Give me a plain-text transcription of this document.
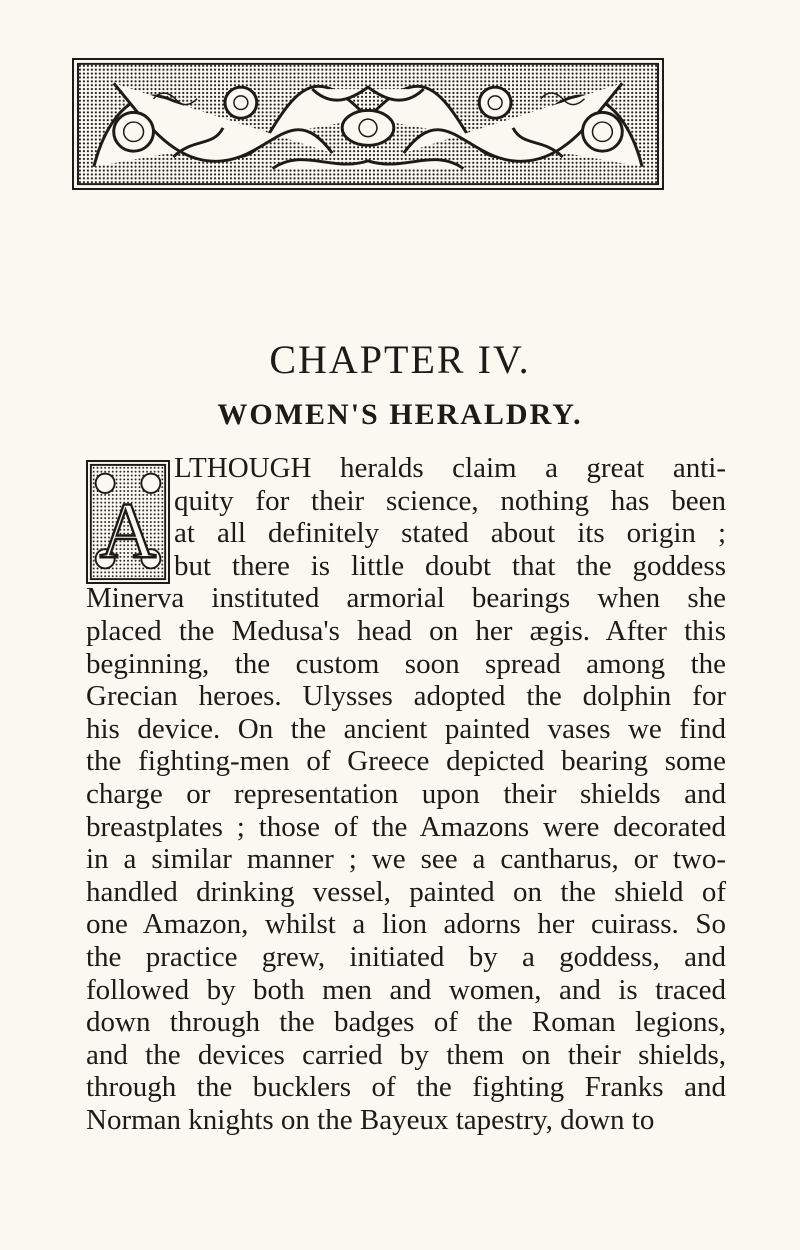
CHAPTER IV.
WOMEN'S HERALDRY.
A

LTHOUGH heralds claim a great anti-
quity for their science, nothing has been
at all definitely stated about its origin ;
but there is little doubt that the goddess
Minerva instituted armorial bearings when she
placed the Medusa's head on her ægis. After this
beginning, the custom soon spread among the
Grecian heroes. Ulysses adopted the dolphin for
his device. On the ancient painted vases we find
the fighting-men of Greece depicted bearing some
charge or representation upon their shields and
breastplates ; those of the Amazons were decorated
in a similar manner ; we see a cantharus, or two-
handled drinking vessel, painted on the shield of
one Amazon, whilst a lion adorns her cuirass. So
the practice grew, initiated by a goddess, and
followed by both men and women, and is traced
down through the badges of the Roman legions,
and the devices carried by them on their shields,
through the bucklers of the fighting Franks and
Norman knights on the Bayeux tapestry, down to
